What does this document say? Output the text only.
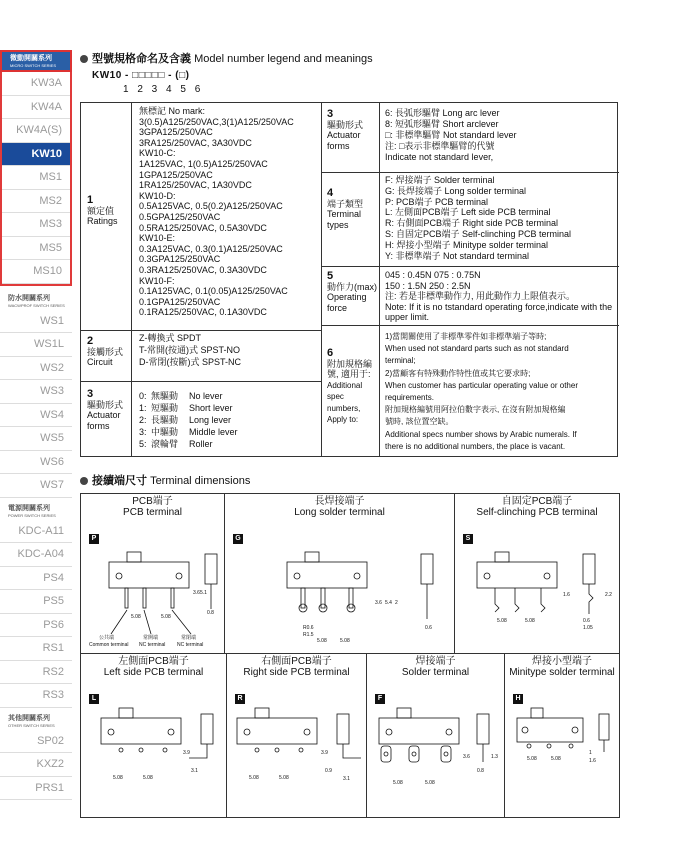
微動開關系列
MICRO SWITCH SERIES
KW3A
KW4A
KW4A(S)
KW10
MS1
MS2
MS3
MS5
MS10
防水開關系列
WACWPROF SWITCH SERIES
WS1
WS1L
WS2
WS3
WS4
WS5
WS6
WS7
電源開關系列
POWER SWITCH SERIES
KDC-A11
KDC-A04
PS4
PS5
PS6
RS1
RS2
RS3
其他開關系列
OTHER SWITCH SERIES
SP02
KXZ2
PRS1
型號規格命名及含義 Model number legend and meanings
KW10 - □□□□□ - (□)
1 2 3 4 5 6
1
額定值
Ratings
無標記 No mark:
3(0.5)A125/250VAC,3(1)A125/250VAC
3GPA125/250VAC
3RA125/250VAC, 3A30VDC
KW10-C:
1A125VAC, 1(0.5)A125/250VAC
1GPA125/250VAC
1RA125/250VAC, 1A30VDC
KW10-D:
0.5A125VAC, 0.5(0.2)A125/250VAC
0.5GPA125/250VAC
0.5RA125/250VAC, 0.5A30VDC
KW10-E:
0.3A125VAC, 0.3(0.1)A125/250VAC
0.3GPA125/250VAC
0.3RA125/250VAC, 0.3A30VDC
KW10-F:
0.1A125VAC, 0.1(0.05)A125/250VAC
0.1GPA125/250VAC
0.1RA125/250VAC, 0.1A30VDC
2
接觸形式
Circuit
Z-轉換式 SPDT
T-常開(按通)式 SPST-NO
D-常閉(按斷)式 SPST-NC
3
驅動形式
Actuator
forms
0: 無驅動 No lever
1: 短驅動 Short lever
2: 長驅動 Long lever
3: 中驅動 Middle lever
5: 滾輪臂 Roller
3
驅動形式
Actuator
forms
6: 長弧形驅臂 Long arc lever
8: 短弧形驅臂 Short arclever
□: 非標準驅臂 Not standard lever
注: □表示非標準驅臂的代號
Indicate not standard lever,
4
端子類型
Terminal
types
F: 焊接端子 Solder terminal
G: 長焊接端子 Long solder terminal
P: PCB端子 PCB terminal
L: 左側面PCB端子 Left side PCB terminal
R: 右側面PCB端子 Right side PCB terminal
S: 自固定PCB端子 Self-clinching PCB terminal
H: 焊接小型端子 Minitype solder terminal
Y: 非標準端子 Not standard terminal
5
動作力(max)
Operating
force
045 : 0.45N 075 : 0.75N
150 : 1.5N 250 : 2.5N
注: 若是非標準動作力, 用此動作力上限值表示。
Note: If it is no tstandard operating force,indicate with the
upper limit.
6
附加規格編號, 適用于:
Additional spec numbers, Apply to:
1)當開關使用了非標準零件如非標準端子等時;
When used not standard parts such as not standard
terminal;
2)當顧客有特殊動作特性值或其它要求時;
When customer has particular operating value or other
requirements.
附加規格編號用阿拉伯數字表示, 在沒有附加規格編
號時, 該位置空缺。
Additional specs number shows by Arabic numerals. If
there is no additional numbers, the place is vacant.
接續端尺寸 Terminal dimensions
PCB端子
PCB terminal
P
5.08	5.08
3.6 5.1
0.8
公共端
Common terminal
常開端
NC terminal
常閉端
NC terminal
長焊接端子
Long solder terminal
G
R0.6
R1.5
5.08	5.08
3.6 5.4 2
0.6
自固定PCB端子
Self-clinching PCB terminal
S
5.08	5.08
1.6	2.2
0.6
1.05
左側面PCB端子
Left side PCB terminal
L
5.08	5.08
3.9
3.1
右側面PCB端子
Right side PCB terminal
R
5.08	5.08
3.9
0.9
3.1
焊接端子
Solder terminal
F
5.08	5.08
3.6	1.3
0.8
焊接小型端子
Minitype solder terminal
H
5.08	5.08
1
1.6
